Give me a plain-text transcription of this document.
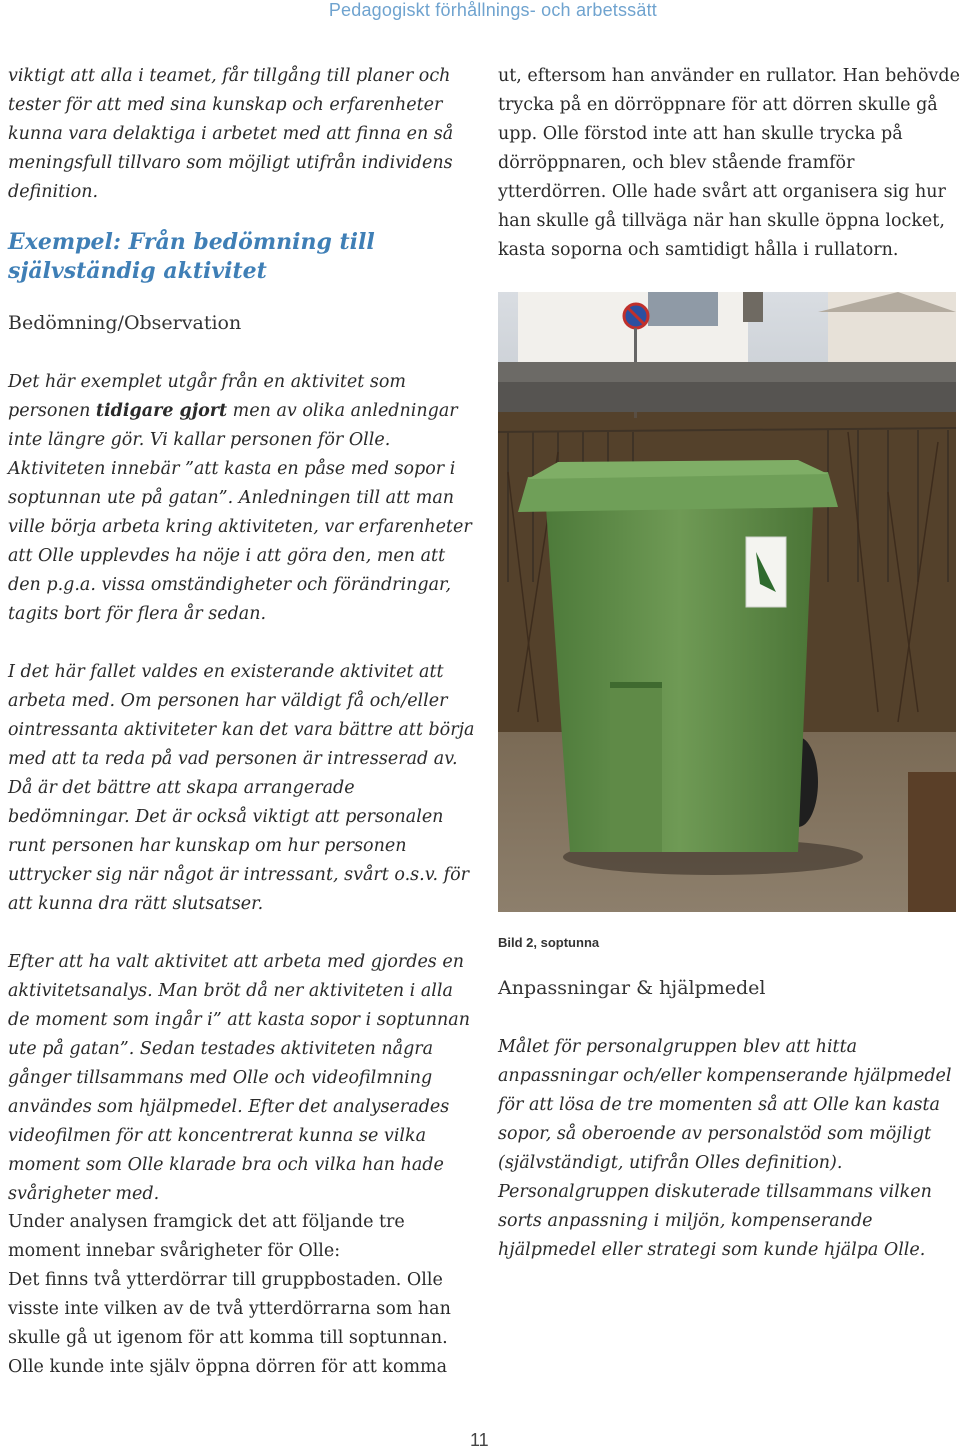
Pedagogiskt förhållnings- och arbetssätt

viktigt att alla i teamet, får tillgång till planer och tester för att med sina kunskap och erfarenheter kunna vara delaktiga i arbetet med att finna en så meningsfull tillvaro som möjligt utifrån individens definition.

Exempel: Från bedömning till självständig aktivitet

Bedömning/Observation

Det här exemplet utgår från en aktivitet som personen tidigare gjort men av olika anledningar inte längre gör. Vi kallar personen för Olle. Aktiviteten innebär ”att kasta en påse med sopor i soptunnan ute på gatan”. Anledningen till att man ville börja arbeta kring aktiviteten, var erfarenheter att Olle upplevdes ha nöje i att göra den, men att den p.g.a. vissa omständigheter och förändringar, tagits bort för flera år sedan.

I det här fallet valdes en existerande aktivitet att arbeta med. Om personen har väldigt få och/eller ointressanta aktiviteter kan det vara bättre att börja med att ta reda på vad personen är intresserad av. Då är det bättre att skapa arrangerade bedömningar. Det är också viktigt att personalen runt personen har kunskap om hur personen uttrycker sig när något är intressant, svårt o.s.v. för att kunna dra rätt slutsatser.

Efter att ha valt aktivitet att arbeta med gjordes en aktivitetsanalys. Man bröt då ner aktiviteten i alla de moment som ingår i” att kasta sopor i soptunnan ute på gatan”. Sedan testades aktiviteten några gånger tillsammans med Olle och videofilmning användes som hjälpmedel. Efter det analyserades videofilmen för att koncentrerat kunna se vilka moment som Olle klarade bra och vilka han hade svårigheter med.

Under analysen framgick det att följande tre moment innebar svårigheter för Olle:

Det finns två ytterdörrar till gruppbostaden. Olle visste inte vilken av de två ytterdörrarna som han skulle gå ut igenom för att komma till soptunnan. Olle kunde inte själv öppna dörren för att komma

ut, eftersom han använder en rullator. Han behövde trycka på en dörröppnare för att dörren skulle gå upp. Olle förstod inte att han skulle trycka på dörröppnaren, och blev stående framför ytterdörren. Olle hade svårt att organisera sig hur han skulle gå tillväga när han skulle öppna locket, kasta soporna och samtidigt hålla i rullatorn.

Bild 2, soptunna

Anpassningar & hjälpmedel

Målet för personalgruppen blev att hitta anpassningar och/eller kompenserande hjälpmedel för att lösa de tre momenten så att Olle kan kasta sopor, så oberoende av personalstöd som möjligt (självständigt, utifrån Olles definition). Personalgruppen diskuterade tillsammans vilken sorts anpassning i miljön, kompenserande hjälpmedel eller strategi som kunde hjälpa Olle.

11
